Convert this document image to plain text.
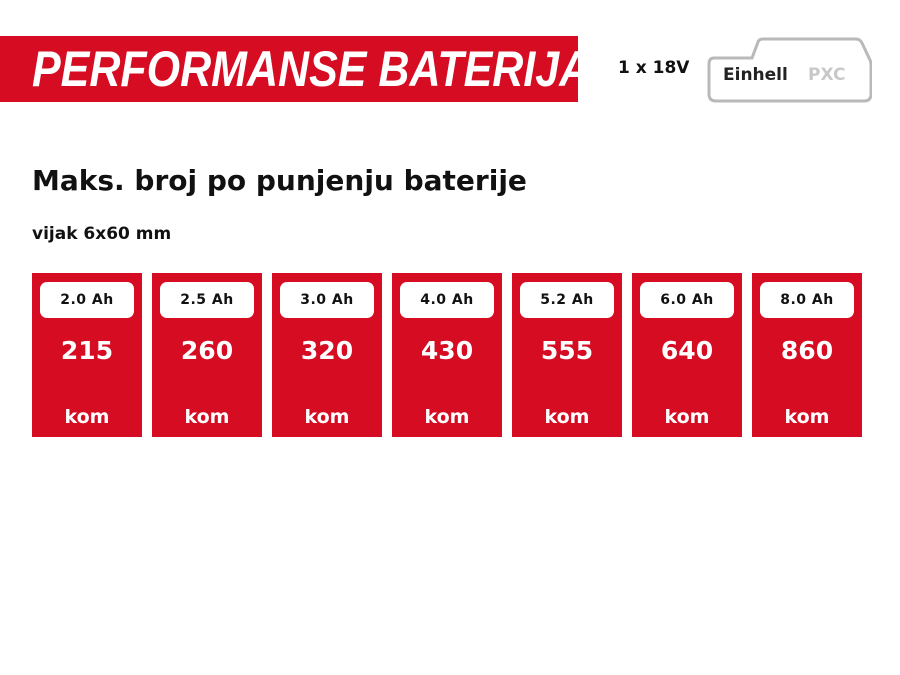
PERFORMANSE BATERIJA 1 x 18V Einhell PXC
Maks. broj po punjenju baterije
vijak 6x60 mm
2.0 Ah
215
kom
2.5 Ah
260
kom
3.0 Ah
320
kom
4.0 Ah
430
kom
5.2 Ah
555
kom
6.0 Ah
640
kom
8.0 Ah
860
kom
